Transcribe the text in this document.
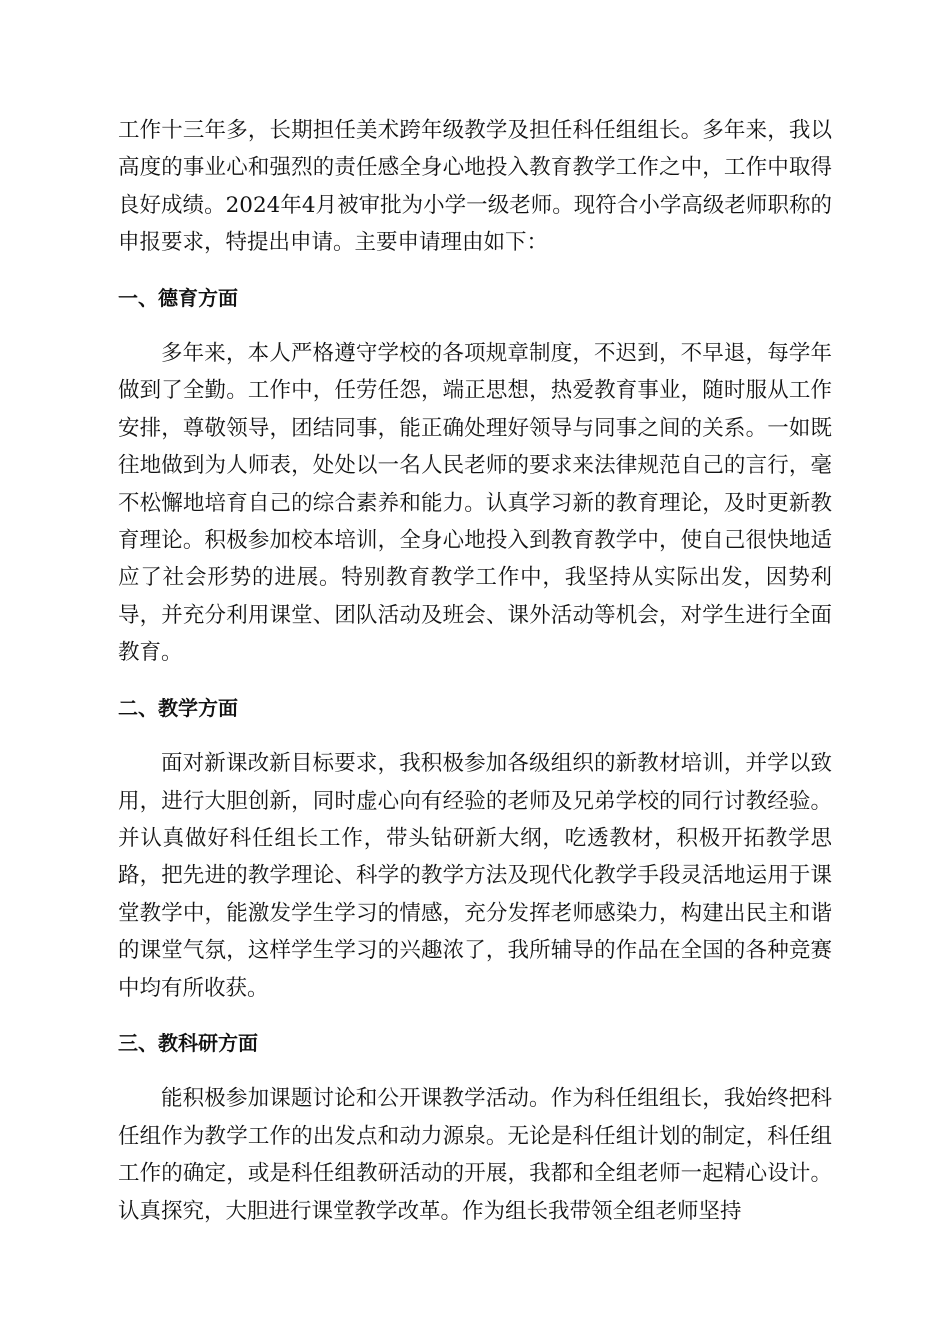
工作十三年多，长期担任美术跨年级教学及担任科任组组长。多年来，我以高度的事业心和强烈的责任感全身心地投入教育教学工作之中，工作中取得良好成绩。2024年4月被审批为小学一级老师。现符合小学高级老师职称的申报要求，特提出申请。主要申请理由如下：

一、德育方面

多年来，本人严格遵守学校的各项规章制度，不迟到，不早退，每学年做到了全勤。工作中，任劳任怨，端正思想，热爱教育事业，随时服从工作安排，尊敬领导，团结同事，能正确处理好领导与同事之间的关系。一如既往地做到为人师表，处处以一名人民老师的要求来法律规范自己的言行，毫不松懈地培育自己的综合素养和能力。认真学习新的教育理论，及时更新教育理论。积极参加校本培训，全身心地投入到教育教学中，使自己很快地适应了社会形势的进展。特别教育教学工作中，我坚持从实际出发，因势利导，并充分利用课堂、团队活动及班会、课外活动等机会，对学生进行全面教育。

二、教学方面

面对新课改新目标要求，我积极参加各级组织的新教材培训，并学以致用，进行大胆创新，同时虚心向有经验的老师及兄弟学校的同行讨教经验。并认真做好科任组长工作，带头钻研新大纲，吃透教材，积极开拓教学思路，把先进的教学理论、科学的教学方法及现代化教学手段灵活地运用于课堂教学中，能激发学生学习的情感，充分发挥老师感染力，构建出民主和谐的课堂气氛，这样学生学习的兴趣浓了，我所辅导的作品在全国的各种竞赛中均有所收获。

三、教科研方面

能积极参加课题讨论和公开课教学活动。作为科任组组长，我始终把科任组作为教学工作的出发点和动力源泉。无论是科任组计划的制定，科任组工作的确定，或是科任组教研活动的开展，我都和全组老师一起精心设计。认真探究，大胆进行课堂教学改革。作为组长我带领全组老师坚持
